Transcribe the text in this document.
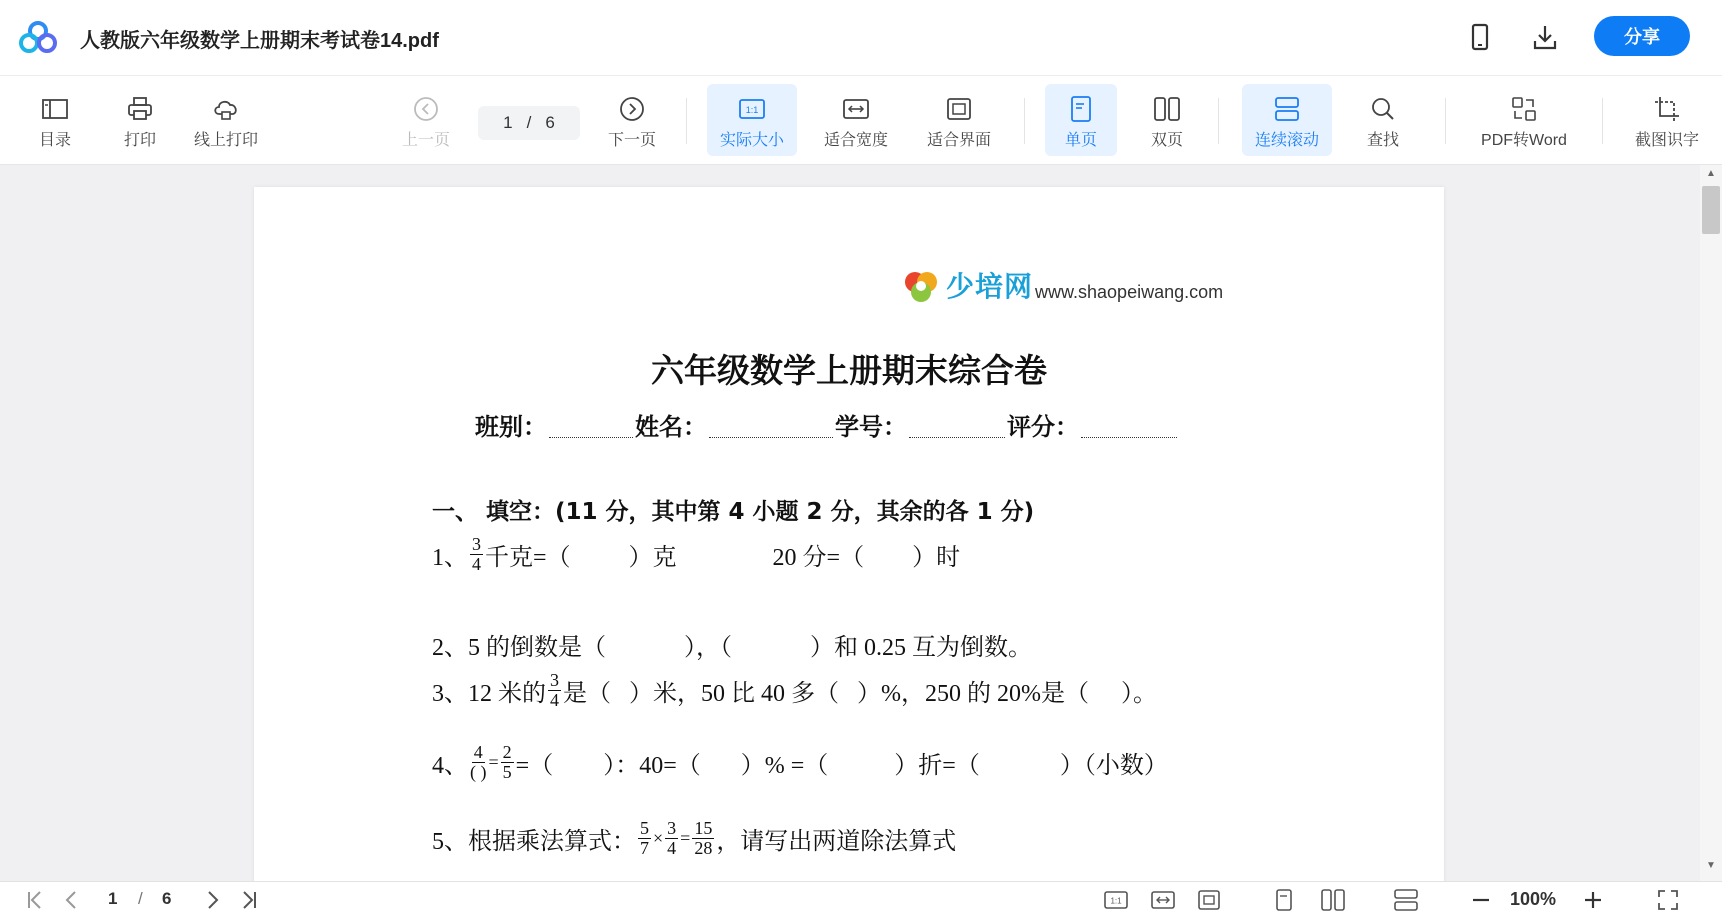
人教版六年级数学上册期末考试卷14.pdf	分享
目录	打印 线上打印	上一页
1 / 6
下一页
1:1
实际大小 适合宽度 适合界面	单页	双页	连续滚动	查找	PDF转Word	截图识字
少培网 www.shaopeiwang.com
六年级数学上册期末综合卷
班别：	姓名：	学号：	评分：
一、 填空：(11 分，其中第 4 小题 2 分，其余的各 1 分)
1、 $\frac{3}{4}$ 千克=（ ）克	20 分=（ ）时
2、 5 的倒数是（	），（	）和 0.25 互为倒数。
3、 12 米的 $\frac{3}{4}$ 是（ ）米，50 比 40 多（ ）%，250 的 20%是（ ）。
4、 $\frac{4}{( )} = \frac{2}{5}$ =（ ）：40=（ ）% =（	）折=（	）（小数）
5、 根据乘法算式： $\frac{5}{7} \times \frac{3}{4} = \frac{15}{28}$ ，请写出两道除法算式
▲
▼
1 / 6	1:1	100%
